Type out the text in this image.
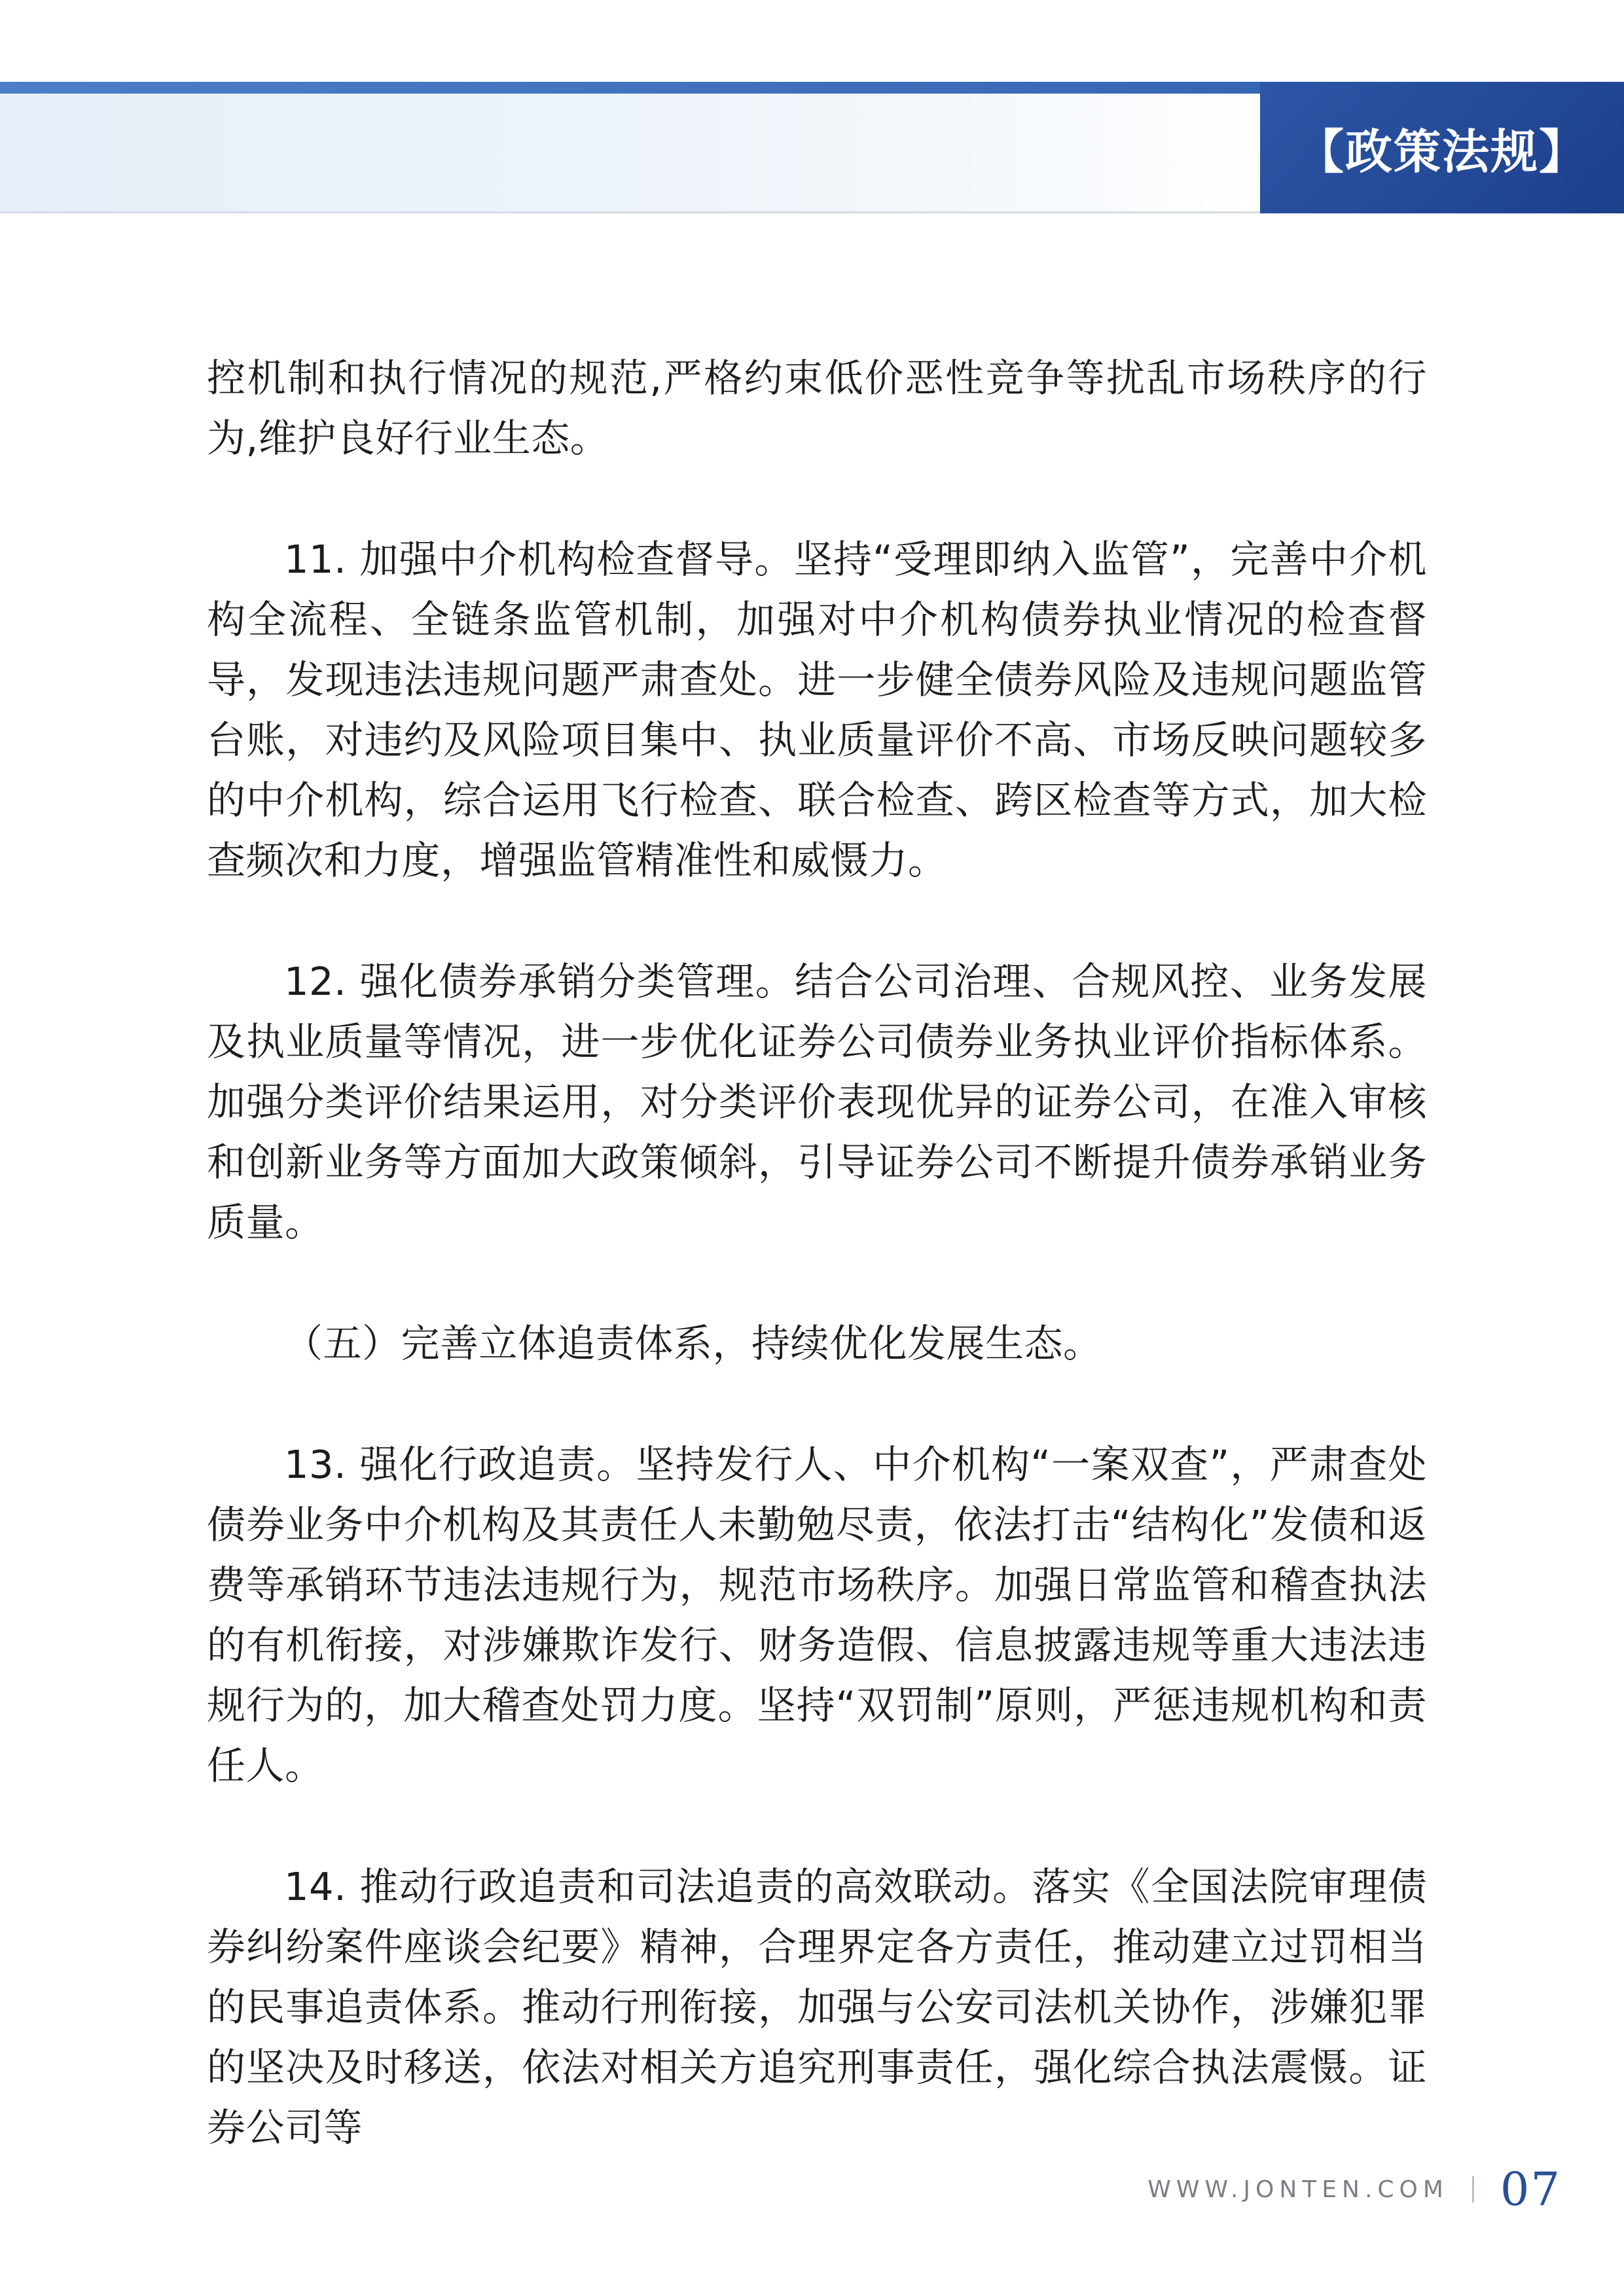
【政策法规】

控机制和执行情况的规范,严格约束低价恶性竞争等扰乱市场秩序的行为,维护良好行业生态。

11. 加强中介机构检查督导。坚持“受理即纳入监管”，完善中介机构全流程、全链条监管机制，加强对中介机构债券执业情况的检查督导，发现违法违规问题严肃查处。进一步健全债券风险及违规问题监管台账，对违约及风险项目集中、执业质量评价不高、市场反映问题较多的中介机构，综合运用飞行检查、联合检查、跨区检查等方式，加大检查频次和力度，增强监管精准性和威慑力。

12. 强化债券承销分类管理。结合公司治理、合规风控、业务发展及执业质量等情况，进一步优化证券公司债券业务执业评价指标体系。加强分类评价结果运用，对分类评价表现优异的证券公司，在准入审核和创新业务等方面加大政策倾斜，引导证券公司不断提升债券承销业务质量。

（五）完善立体追责体系，持续优化发展生态。

13. 强化行政追责。坚持发行人、中介机构“一案双查”，严肃查处债券业务中介机构及其责任人未勤勉尽责，依法打击“结构化”发债和返费等承销环节违法违规行为，规范市场秩序。加强日常监管和稽查执法的有机衔接，对涉嫌欺诈发行、财务造假、信息披露违规等重大违法违规行为的，加大稽查处罚力度。坚持“双罚制”原则，严惩违规机构和责任人。

14. 推动行政追责和司法追责的高效联动。落实《全国法院审理债券纠纷案件座谈会纪要》精神，合理界定各方责任，推动建立过罚相当的民事追责体系。推动行刑衔接，加强与公安司法机关协作，涉嫌犯罪的坚决及时移送，依法对相关方追究刑事责任，强化综合执法震慑。证券公司等

WWW.JONTEN.COM 07
